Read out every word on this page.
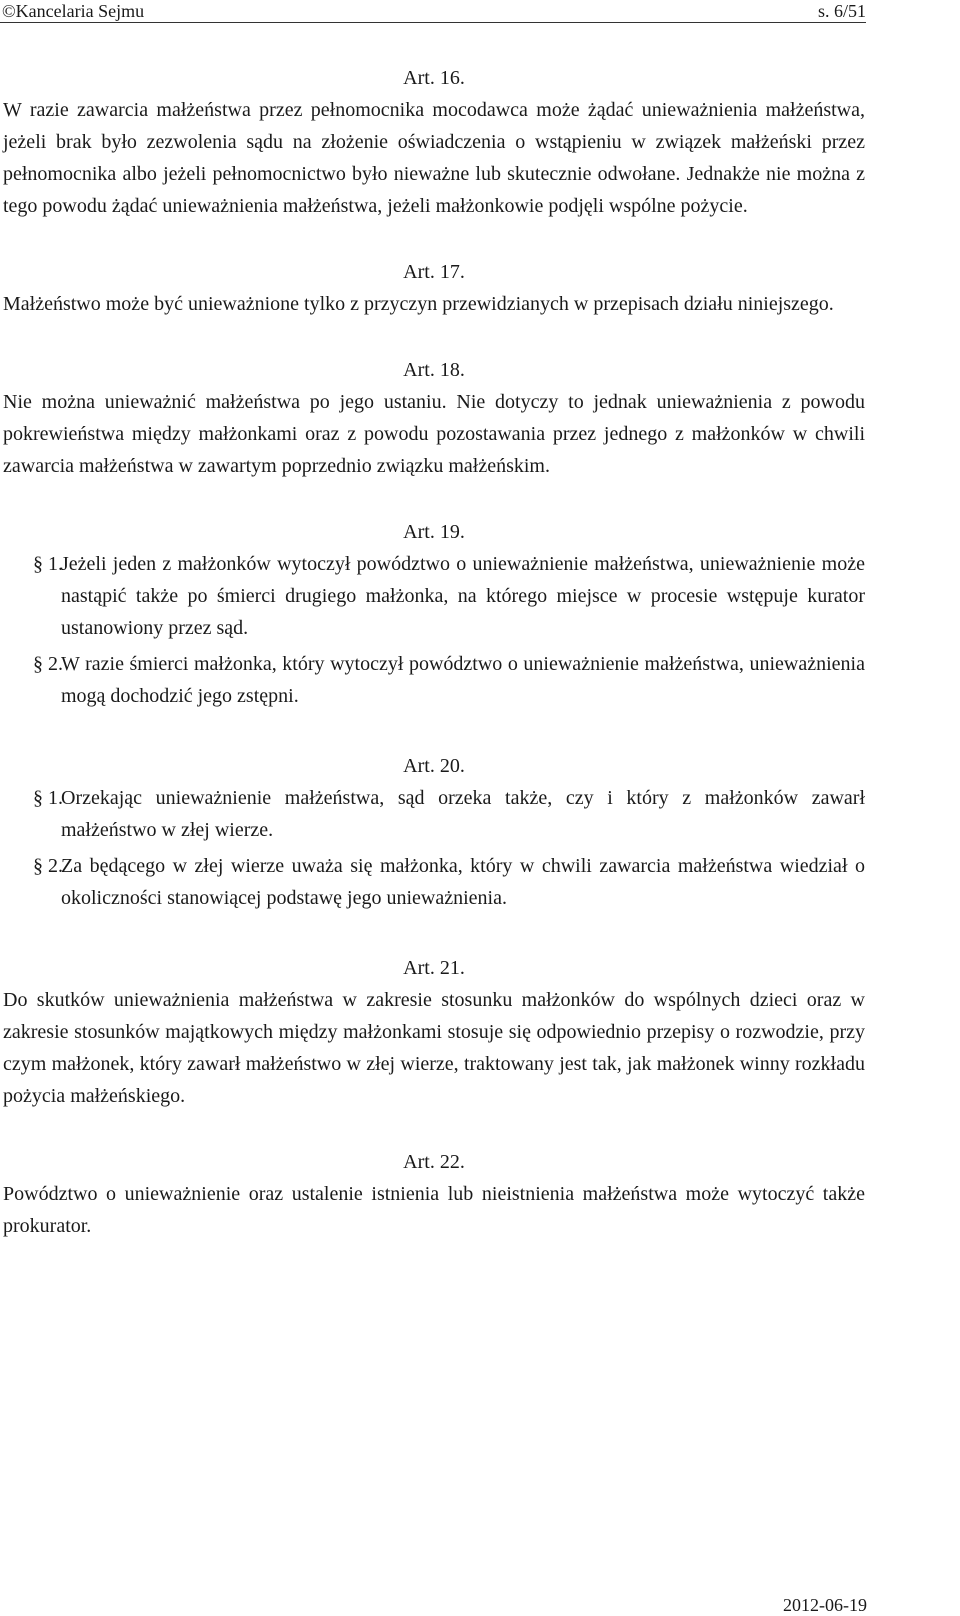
©Kancelaria Sejmu	s. 6/51

Art. 16.

W razie zawarcia małżeństwa przez pełnomocnika mocodawca może żądać unieważnienia małżeństwa, jeżeli brak było zezwolenia sądu na złożenie oświadczenia o wstąpieniu w związek małżeński przez pełnomocnika albo jeżeli pełnomocnictwo było nieważne lub skutecznie odwołane. Jednakże nie można z tego powodu żądać unieważnienia małżeństwa, jeżeli małżonkowie podjęli wspólne pożycie.

Art. 17.

Małżeństwo może być unieważnione tylko z przyczyn przewidzianych w przepisach działu niniejszego.

Art. 18.

Nie można unieważnić małżeństwa po jego ustaniu. Nie dotyczy to jednak unieważnienia z powodu pokrewieństwa między małżonkami oraz z powodu pozostawania przez jednego z małżonków w chwili zawarcia małżeństwa w zawartym poprzednio związku małżeńskim.

Art. 19.

§ 1.
Jeżeli jeden z małżonków wytoczył powództwo o unieważnienie małżeństwa, unieważnienie może nastąpić także po śmierci drugiego małżonka, na którego miejsce w procesie wstępuje kurator ustanowiony przez sąd.
§ 2.
W razie śmierci małżonka, który wytoczył powództwo o unieważnienie małżeństwa, unieważnienia mogą dochodzić jego zstępni.

Art. 20.

§ 1.
Orzekając unieważnienie małżeństwa, sąd orzeka także, czy i który z małżonków zawarł małżeństwo w złej wierze.
§ 2.
Za będącego w złej wierze uważa się małżonka, który w chwili zawarcia małżeństwa wiedział o okoliczności stanowiącej podstawę jego unieważnienia.

Art. 21.

Do skutków unieważnienia małżeństwa w zakresie stosunku małżonków do wspólnych dzieci oraz w zakresie stosunków majątkowych między małżonkami stosuje się odpowiednio przepisy o rozwodzie, przy czym małżonek, który zawarł małżeństwo w złej wierze, traktowany jest tak, jak małżonek winny rozkładu pożycia małżeńskiego.

Art. 22.

Powództwo o unieważnienie oraz ustalenie istnienia lub nieistnienia małżeństwa może wytoczyć także prokurator.

2012-06-19
